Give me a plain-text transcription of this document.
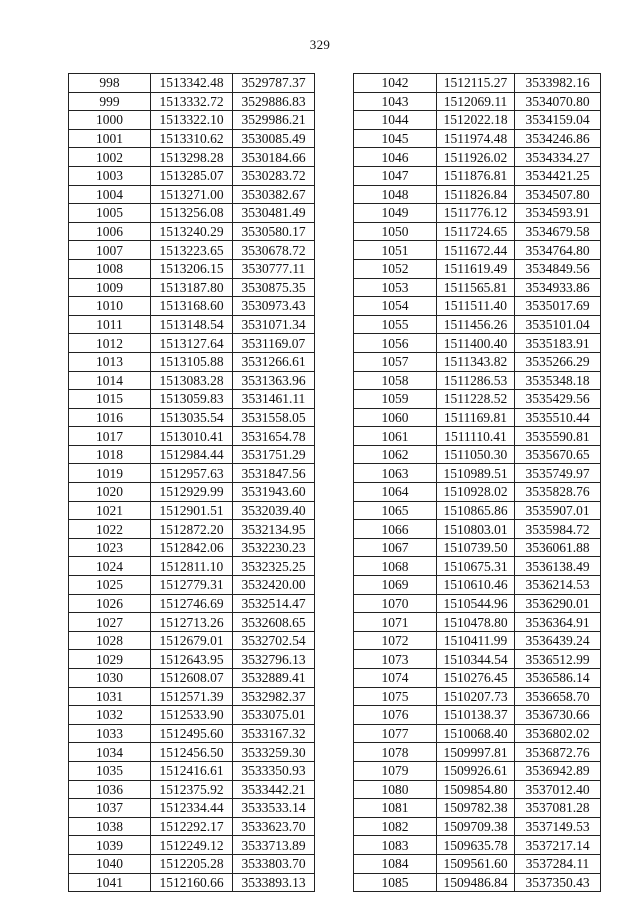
329
998	1513342.48	3529787.37
999	1513332.72	3529886.83
1000	1513322.10	3529986.21
1001	1513310.62	3530085.49
1002	1513298.28	3530184.66
1003	1513285.07	3530283.72
1004	1513271.00	3530382.67
1005	1513256.08	3530481.49
1006	1513240.29	3530580.17
1007	1513223.65	3530678.72
1008	1513206.15	3530777.11
1009	1513187.80	3530875.35
1010	1513168.60	3530973.43
1011	1513148.54	3531071.34
1012	1513127.64	3531169.07
1013	1513105.88	3531266.61
1014	1513083.28	3531363.96
1015	1513059.83	3531461.11
1016	1513035.54	3531558.05
1017	1513010.41	3531654.78
1018	1512984.44	3531751.29
1019	1512957.63	3531847.56
1020	1512929.99	3531943.60
1021	1512901.51	3532039.40
1022	1512872.20	3532134.95
1023	1512842.06	3532230.23
1024	1512811.10	3532325.25
1025	1512779.31	3532420.00
1026	1512746.69	3532514.47
1027	1512713.26	3532608.65
1028	1512679.01	3532702.54
1029	1512643.95	3532796.13
1030	1512608.07	3532889.41
1031	1512571.39	3532982.37
1032	1512533.90	3533075.01
1033	1512495.60	3533167.32
1034	1512456.50	3533259.30
1035	1512416.61	3533350.93
1036	1512375.92	3533442.21
1037	1512334.44	3533533.14
1038	1512292.17	3533623.70
1039	1512249.12	3533713.89
1040	1512205.28	3533803.70
1041	1512160.66	3533893.13
1042	1512115.27	3533982.16
1043	1512069.11	3534070.80
1044	1512022.18	3534159.04
1045	1511974.48	3534246.86
1046	1511926.02	3534334.27
1047	1511876.81	3534421.25
1048	1511826.84	3534507.80
1049	1511776.12	3534593.91
1050	1511724.65	3534679.58
1051	1511672.44	3534764.80
1052	1511619.49	3534849.56
1053	1511565.81	3534933.86
1054	1511511.40	3535017.69
1055	1511456.26	3535101.04
1056	1511400.40	3535183.91
1057	1511343.82	3535266.29
1058	1511286.53	3535348.18
1059	1511228.52	3535429.56
1060	1511169.81	3535510.44
1061	1511110.41	3535590.81
1062	1511050.30	3535670.65
1063	1510989.51	3535749.97
1064	1510928.02	3535828.76
1065	1510865.86	3535907.01
1066	1510803.01	3535984.72
1067	1510739.50	3536061.88
1068	1510675.31	3536138.49
1069	1510610.46	3536214.53
1070	1510544.96	3536290.01
1071	1510478.80	3536364.91
1072	1510411.99	3536439.24
1073	1510344.54	3536512.99
1074	1510276.45	3536586.14
1075	1510207.73	3536658.70
1076	1510138.37	3536730.66
1077	1510068.40	3536802.02
1078	1509997.81	3536872.76
1079	1509926.61	3536942.89
1080	1509854.80	3537012.40
1081	1509782.38	3537081.28
1082	1509709.38	3537149.53
1083	1509635.78	3537217.14
1084	1509561.60	3537284.11
1085	1509486.84	3537350.43
